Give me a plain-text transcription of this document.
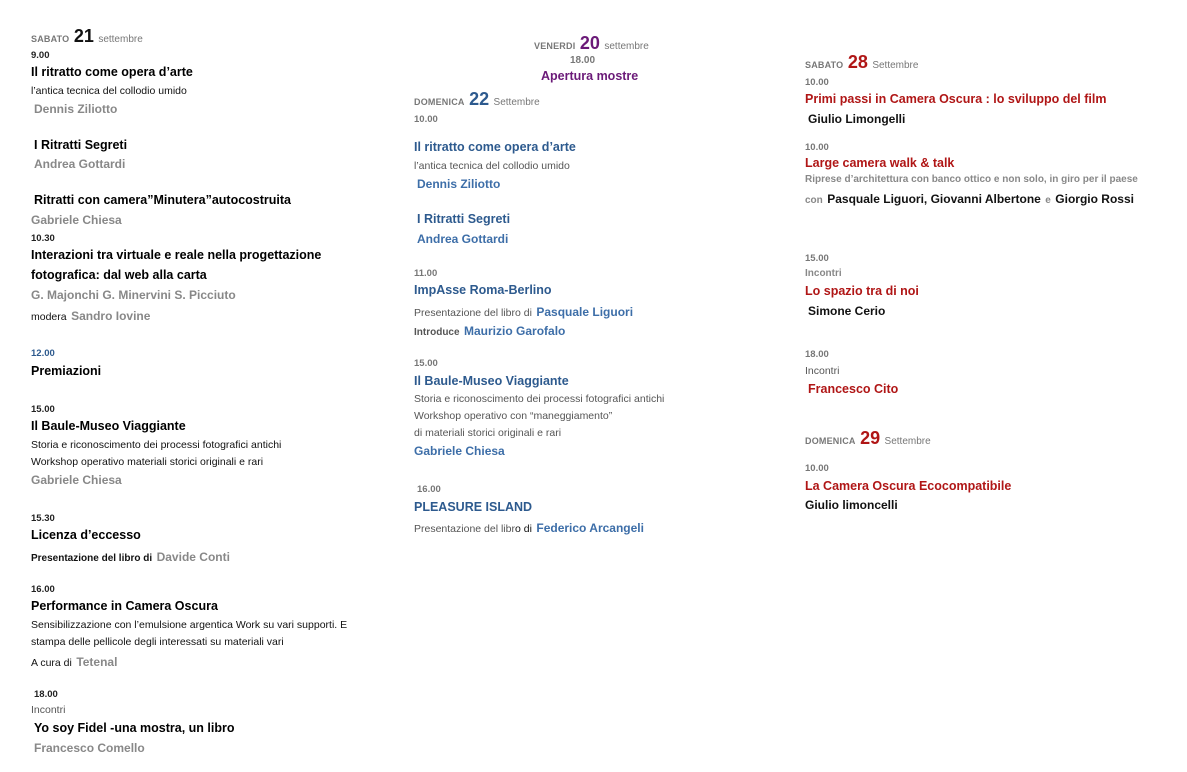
SABATO 21 settembre
9.00
Il ritratto come opera d’arte
l’antica tecnica del collodio umido
Dennis Ziliotto
I Ritratti Segreti
Andrea Gottardi
Ritratti con camera”Minutera”autocostruita
Gabriele Chiesa
10.30
Interazioni tra virtuale e reale nella progettazione
fotografica: dal web alla carta
G. Majonchi G. Minervini S. Picciuto
modera Sandro Iovine
12.00
Premiazioni
15.00
Il Baule-Museo Viaggiante
Storia e riconoscimento dei processi fotografici antichi
Workshop operativo materiali storici originali e rari
Gabriele Chiesa
15.30
Licenza d’eccesso
Presentazione del libro di Davide Conti
16.00
Performance in Camera Oscura
Sensibilizzazione con l’emulsione argentica Work su vari supporti. E
stampa delle pellicole degli interessati su materiali vari
A cura di Tetenal
18.00
Incontri
Yo soy Fidel -una mostra, un libro
Francesco Comello
VENERDI 20 settembre
18.00
Apertura mostre
DOMENICA 22 Settembre
10.00
Il ritratto come opera d’arte
l’antica tecnica del collodio umido
Dennis Ziliotto
I Ritratti Segreti
Andrea Gottardi
11.00
ImpAsse Roma-Berlino
Presentazione del libro di Pasquale Liguori
Introduce Maurizio Garofalo
15.00
Il Baule-Museo Viaggiante
Storia e riconoscimento dei processi fotografici antichi
Workshop operativo con “maneggiamento”
di materiali storici originali e rari
Gabriele Chiesa
16.00
PLEASURE ISLAND
Presentazione del libro di Federico Arcangeli
SABATO 28 Settembre
10.00
Primi passi in Camera Oscura : lo sviluppo del film
Giulio Limongelli
10.00
Large camera walk & talk
Riprese d’architettura con banco ottico e non solo, in giro per il paese
con Pasquale Liguori, Giovanni Albertone e Giorgio Rossi
15.00
Incontri
Lo spazio tra di noi
Simone Cerio
18.00
Incontri
Francesco Cito
DOMENICA 29 Settembre
10.00
La Camera Oscura Ecocompatibile
Giulio limoncelli
